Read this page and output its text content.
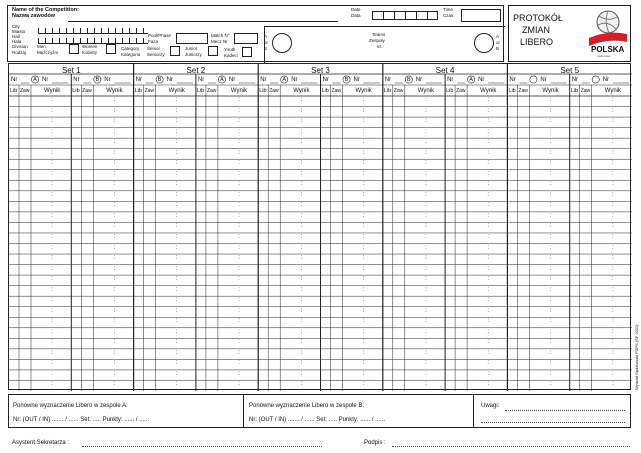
Name of the Competition:
Nazwa zawodów
City
Miasto
Hall
Hala
Division
Rodzaj
Men
Mężczyźni
Women
Kobiety
Category
Kategoria
Senior
Seniorzy
Junior
Juniorzy
Youth
Kadeci
Pool/Phase
Faza
Match N°
Mecz Nr
A
or
B
Date
Data
Time
Czas
Teams
Zespoły
vs
A
or
B
PROTOKÓŁ
ZMIAN
LIBERO
POLSKA
siatkówka
Set 1
Nr	A Nr
Lib Zaw Wynik
:
:
:
:
:
:
:
:
:
:
:
:
:
:
:
:
:
:
:
:
:
:
:
:
:
:
:
:
Nr	B Nr
Lib Zaw Wynik
:
:
:
:
:
:
:
:
:
:
:
:
:
:
:
:
:
:
:
:
:
:
:
:
:
:
:
:
Set 2
Nr	B Nr
Lib Zaw Wynik
:
:
:
:
:
:
:
:
:
:
:
:
:
:
:
:
:
:
:
:
:
:
:
:
:
:
:
:
Nr	A Nr
Lib Zaw Wynik
:
:
:
:
:
:
:
:
:
:
:
:
:
:
:
:
:
:
:
:
:
:
:
:
:
:
:
:
Set 3
Nr	A Nr
Lib Zaw Wynik
:
:
:
:
:
:
:
:
:
:
:
:
:
:
:
:
:
:
:
:
:
:
:
:
:
:
:
:
Nr	B Nr
Lib Zaw Wynik
:
:
:
:
:
:
:
:
:
:
:
:
:
:
:
:
:
:
:
:
:
:
:
:
:
:
:
:
Set 4
Nr	B Nr
Lib Zaw Wynik
:
:
:
:
:
:
:
:
:
:
:
:
:
:
:
:
:
:
:
:
:
:
:
:
:
:
:
:
Nr	A Nr
Lib Zaw Wynik
:
:
:
:
:
:
:
:
:
:
:
:
:
:
:
:
:
:
:
:
:
:
:
:
:
:
:
:
Set 5
Nr	Nr
Lib Zaw Wynik
:
:
:
:
:
:
:
:
:
:
:
:
:
:
:
:
:
:
:
:
:
:
:
:
:
:
:
:
Nr	Nr
Lib Zaw Wynik
:
:
:
:
:
:
:
:
:
:
:
:
:
:
:
:
:
:
:
:
:
:
:
:
:
:
:
:	Wydział Sędziowski PZPS (SP 2011)
Ponowne wyznaczenie Libero w zespole A:
Nr: (OUT / IN) ....... / ...... Set: ..... Punkty: ...... / ......
Ponowne wyznaczenie Libero w zespole B:
Nr: (OUT / IN) ....... / ...... Set: ..... Punkty: ...... / ......
Uwagi:
Asystent Sekretarza :	Podpis :
